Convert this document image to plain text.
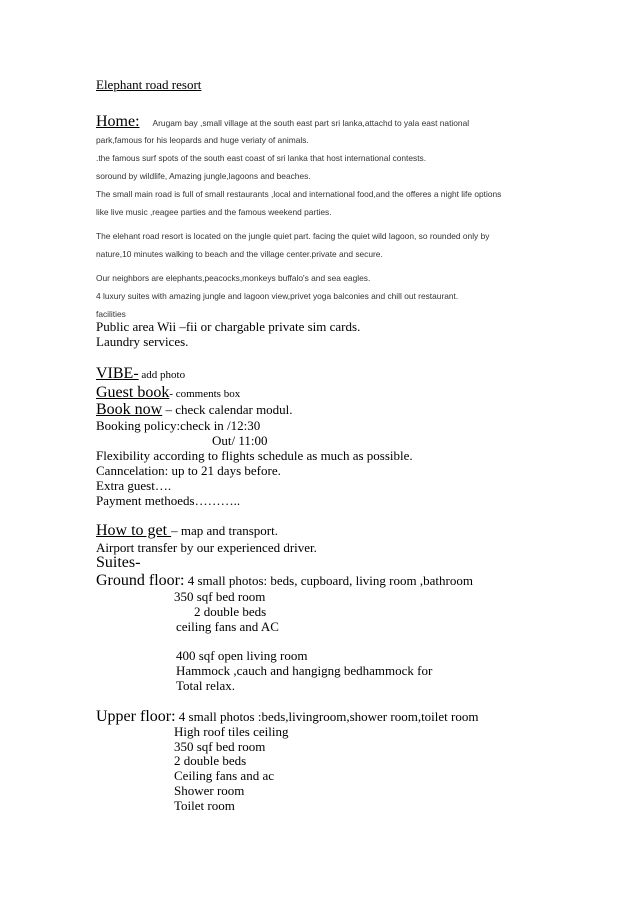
Elephant road resort
Home: Arugam bay ,small village at the south east part sri lanka,attachd to yala east national
park,famous for his leopards and huge veriaty of animals.
.the famous surf spots of the south east coast of sri lanka that host international contests.
soround by wildlife, Amazing jungle,lagoons and beaches.
The small main road is full of small restaurants ,local and international food,and the offeres a night life options
like live music ,reagee parties and the famous weekend parties.
The elehant road resort is located on the jungle quiet part. facing the quiet wild lagoon, so rounded only by
nature,10 minutes walking to beach and the village center.private and secure.
Our neighbors are elephants,peacocks,monkeys buffalo's and sea eagles.
4 luxury suites with amazing jungle and lagoon view,privet yoga balconies and chill out restaurant.
facilities
Public area Wii –fii or chargable private sim cards.
Laundry services.
VIBE- add photo
Guest book- comments box
Book now – check calendar modul.
Booking policy:check in /12:30
Out/ 11:00
Flexibility according to flights schedule as much as possible.
Canncelation: up to 21 days before.
Extra guest….
Payment methoeds………..
How to get – map and transport.
Airport transfer by our experienced driver.
Suites-
Ground floor: 4 small photos: beds, cupboard, living room ,bathroom
350 sqf bed room
2 double beds
ceiling fans and AC
400 sqf open living room
Hammock ,cauch and hangigng bedhammock for
Total relax.
Upper floor: 4 small photos :beds,livingroom,shower room,toilet room
High roof tiles ceiling
350 sqf bed room
2 double beds
Ceiling fans and ac
Shower room
Toilet room
